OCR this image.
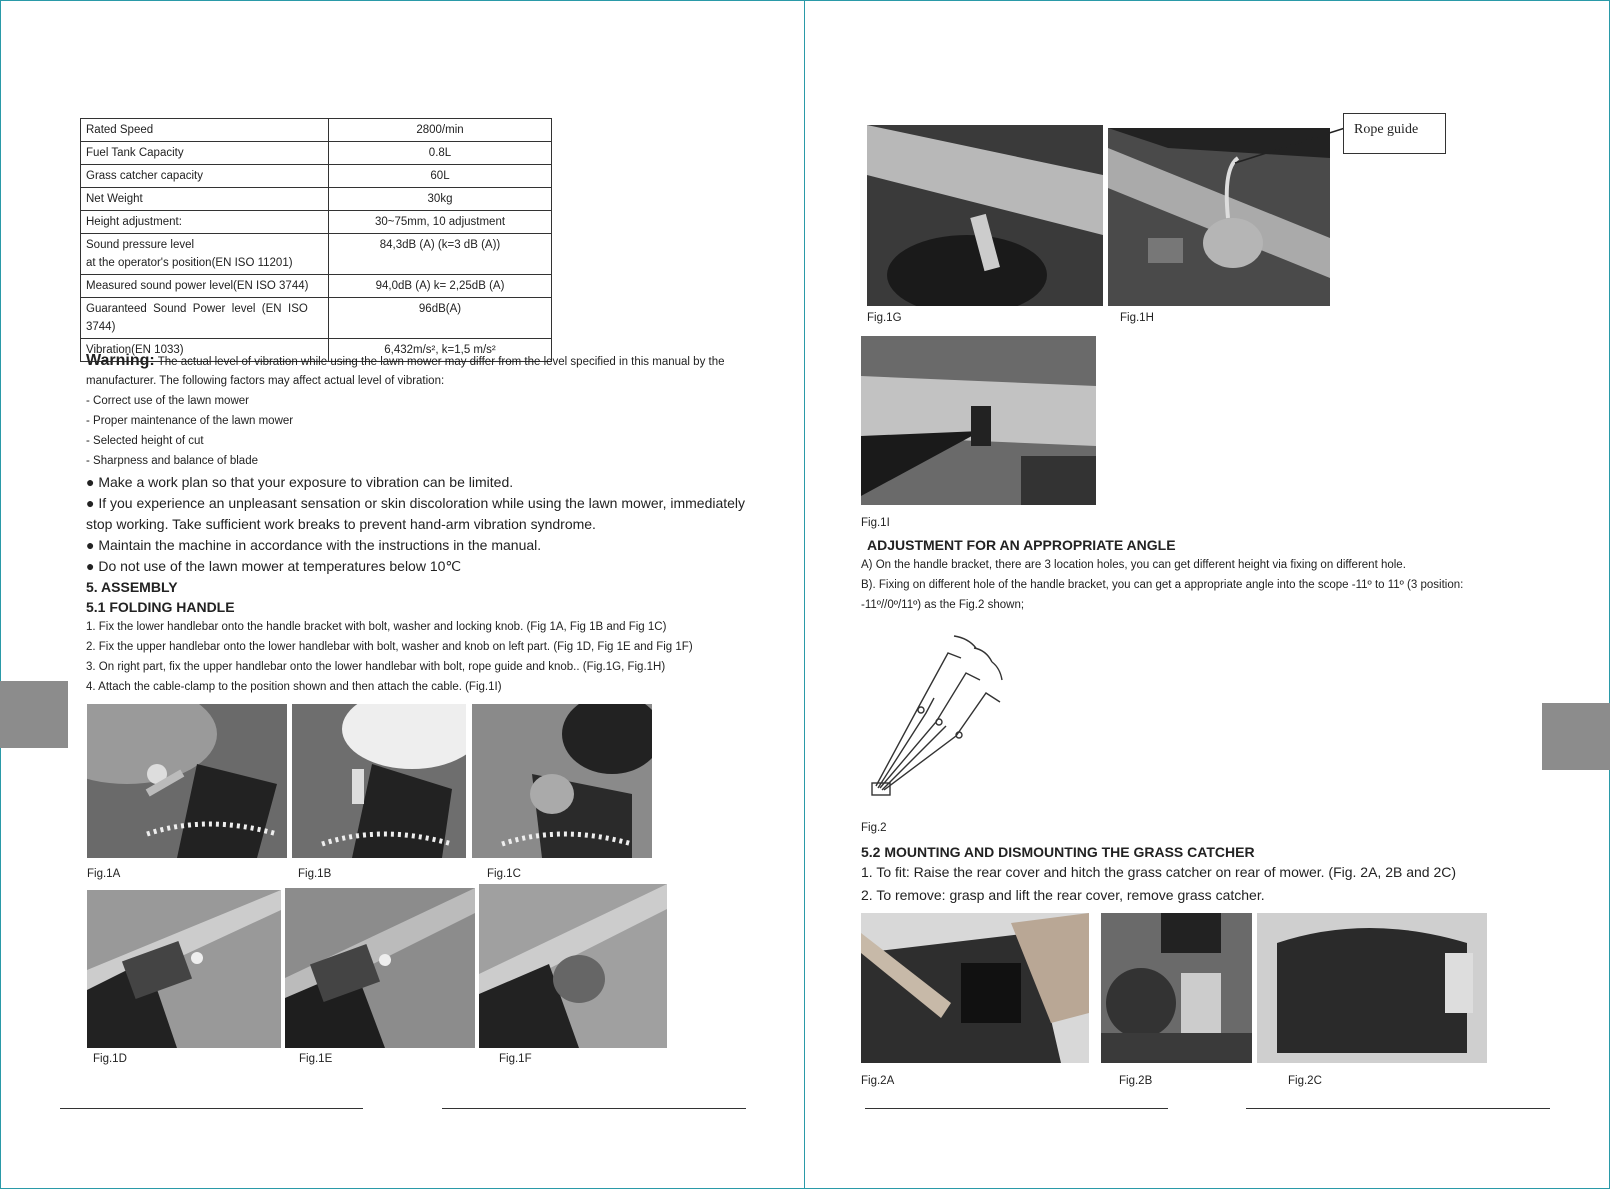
Rated Speed	2800/min
Fuel Tank Capacity	0.8L
Grass catcher capacity	60L
Net Weight	30kg
Height adjustment:	30~75mm, 10 adjustment

Sound pressure level
at the operator's position(EN ISO 11201)	84,3dB (A) (k=3 dB (A))
Measured sound power level(EN ISO 3744)	94,0dB (A) k= 2,25dB (A)

Guaranteed  Sound  Power  level  (EN  ISO
3744)	96dB(A)
Vibration(EN 1033)	6,432m/s², k=1,5 m/s²
Warning: The actual level of vibration while using the lawn mower may differ from the level specified in this manual by the
manufacturer. The following factors may affect actual level of vibration:
- Correct use of the lawn mower
- Proper maintenance of the lawn mower
- Selected height of cut
- Sharpness and balance of blade
● Make a work plan so that your exposure to vibration can be limited.
● If you experience an unpleasant sensation or skin discoloration while using the lawn mower, immediately
stop working. Take sufficient work breaks to prevent hand-arm vibration syndrome.
● Maintain the machine in accordance with the instructions in the manual.
● Do not use of the lawn mower at temperatures below 10℃
5. ASSEMBLY
5.1 FOLDING HANDLE
1. Fix the lower handlebar onto the handle bracket with bolt, washer and locking knob. (Fig 1A, Fig 1B and Fig 1C)
2. Fix the upper handlebar onto the lower handlebar with bolt, washer and knob on left part. (Fig 1D, Fig 1E and Fig 1F)
3. On right part, fix the upper handlebar onto the lower handlebar with bolt, rope guide and knob.. (Fig.1G, Fig.1H)
4. Attach the cable-clamp to the position shown and then attach the cable. (Fig.1I)
Fig.1A	Fig.1B	Fig.1C
Fig.1D	Fig.1E	Fig.1F
Rope guide
Fig.1G	Fig.1H
Fig.1I
ADJUSTMENT FOR AN APPROPRIATE ANGLE
A) On the handle bracket, there are 3 location holes, you can get different height via fixing on different hole.
B). Fixing on different hole of the handle bracket, you can get a appropriate angle into the scope -11º to 11º (3 position:
-11º//0º/11º) as the Fig.2 shown;
Fig.2
5.2 MOUNTING AND DISMOUNTING THE GRASS CATCHER
1. To fit: Raise the rear cover and hitch the grass catcher on rear of mower. (Fig. 2A, 2B and 2C)
2. To remove: grasp and lift the rear cover, remove grass catcher.
Fig.2A	Fig.2B	Fig.2C
